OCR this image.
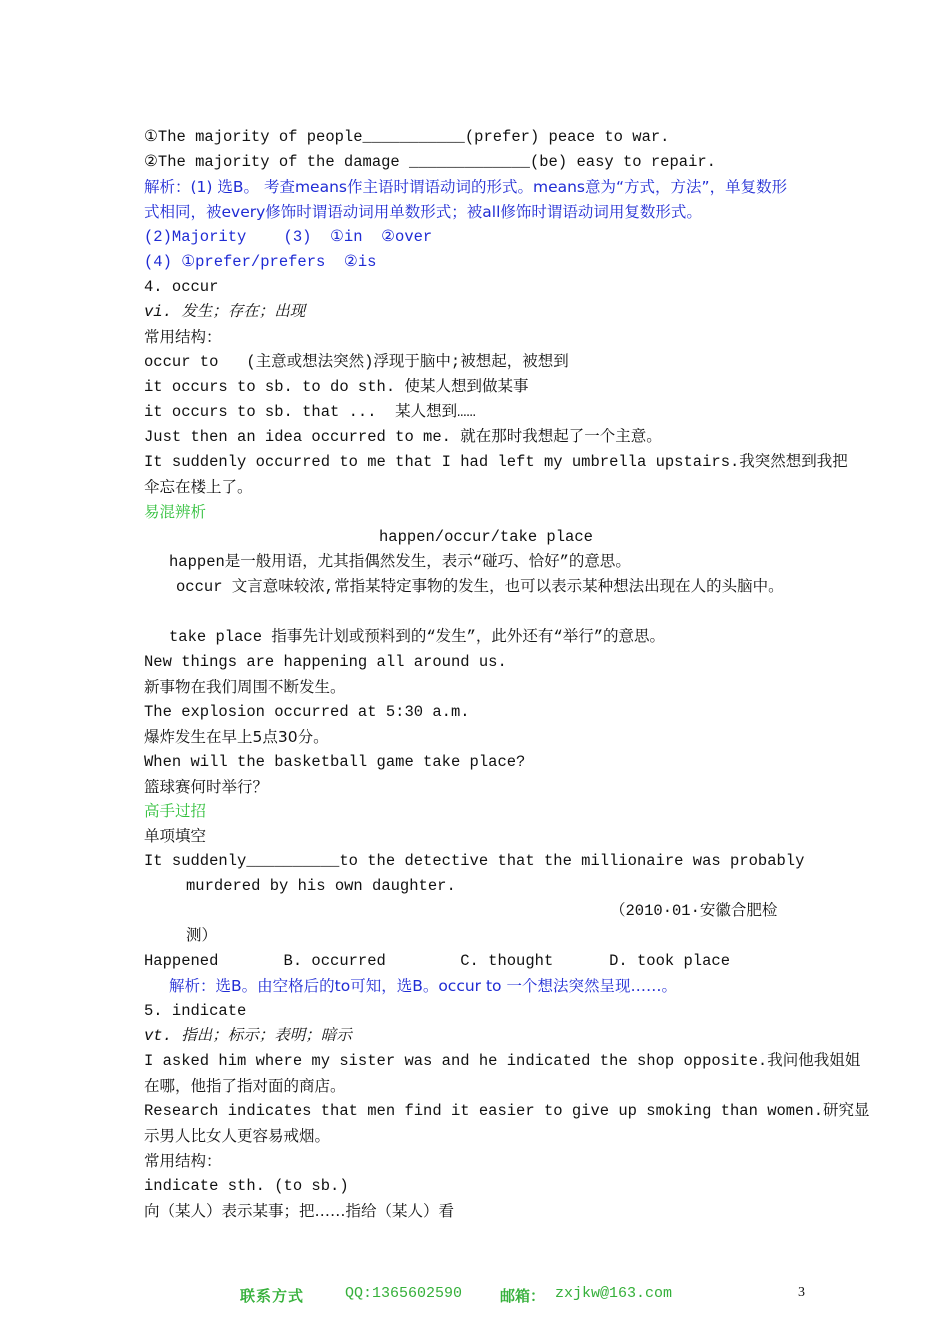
①The majority of people___________(prefer) peace to war.
②The majority of the damage _____________(be) easy to repair.
解析：(1) 选B。 考查means作主语时谓语动词的形式。means意为“方式，方法”，单复数形
式相同，被every修饰时谓语动词用单数形式；被all修饰时谓语动词用复数形式。
(2)Majority    (3)  ①in  ②over
(4) ①prefer/prefers  ②is
4. occur
vi. 发生；存在；出现
常用结构：
occur to   (主意或想法突然)浮现于脑中;被想起，被想到
it occurs to sb. to do sth. 使某人想到做某事
it occurs to sb. that ...  某人想到……
Just then an idea occurred to me. 就在那时我想起了一个主意。
It suddenly occurred to me that I had left my umbrella upstairs.我突然想到我把
伞忘在楼上了。
易混辨析
happen/occur/take place
happen是一般用语，尤其指偶然发生，表示“碰巧、恰好”的意思。
occur 文言意味较浓,常指某特定事物的发生，也可以表示某种想法出现在人的头脑中。
take place 指事先计划或预料到的“发生”，此外还有“举行”的意思。
New things are happening all around us.
新事物在我们周围不断发生。
The explosion occurred at 5:30 a.m.
爆炸发生在早上5点30分。
When will the basketball game take place?
篮球赛何时举行？
高手过招
单项填空
It suddenly__________to the detective that the millionaire was probably
murdered by his own daughter.
（2010·01·安徽合肥检
测）
Happened       B. occurred        C. thought      D. took place
解析：选B。由空格后的to可知，选B。occur to 一个想法突然呈现……。
5. indicate
vt. 指出；标示；表明；暗示
I asked him where my sister was and he indicated the shop opposite.我问他我姐姐
在哪，他指了指对面的商店。
Research indicates that men find it easier to give up smoking than women.研究显
示男人比女人更容易戒烟。
常用结构：
indicate sth. (to sb.)
向（某人）表示某事；把……指给（某人）看
联系方式	QQ:1365602590	邮箱： zxjkw@163.com	3
